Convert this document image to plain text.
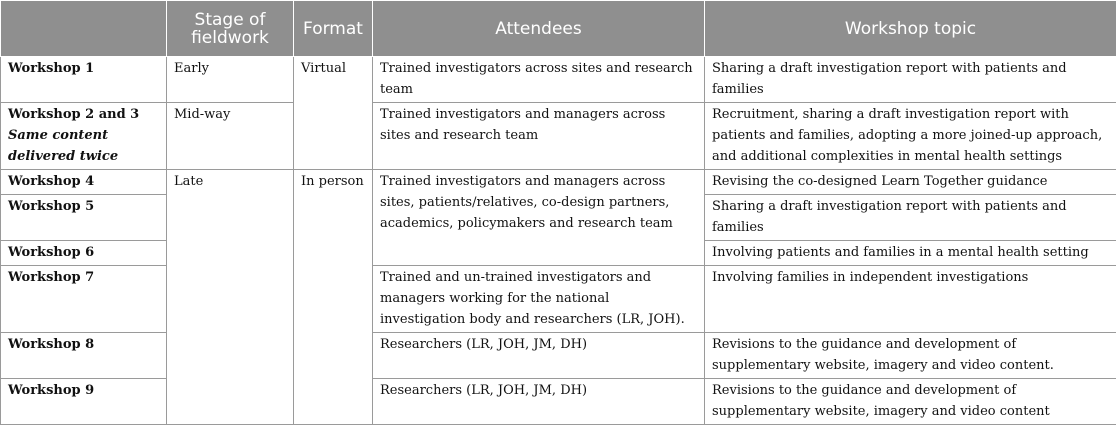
	Stage of fieldwork	Format	Attendees	Workshop topic

Workshop 1	Early	Virtual	Trained investigators across sites and research team	Sharing a draft investigation report with patients and families

Workshop 2 and 3
Same content delivered twice	Mid-way		Trained investigators and managers across sites and research team	Recruitment, sharing a draft investigation report with patients and families, adopting a more joined-up approach, and additional complexities in mental health settings

Workshop 4	Late	In person	Trained investigators and managers across sites, patients/relatives, co-design partners, academics, policymakers and research team	Revising the co-designed Learn Together guidance

Workshop 5				Sharing a draft investigation report with patients and families

Workshop 6				Involving patients and families in a mental health setting

Workshop 7			Trained and un-trained investigators and managers working for the national investigation body and researchers (LR, JOH).	Involving families in independent investigations

Workshop 8			Researchers (LR, JOH, JM, DH)	Revisions to the guidance and development of supplementary website, imagery and video content.

Workshop 9			Researchers (LR, JOH, JM, DH)	Revisions to the guidance and development of supplementary website, imagery and video content
